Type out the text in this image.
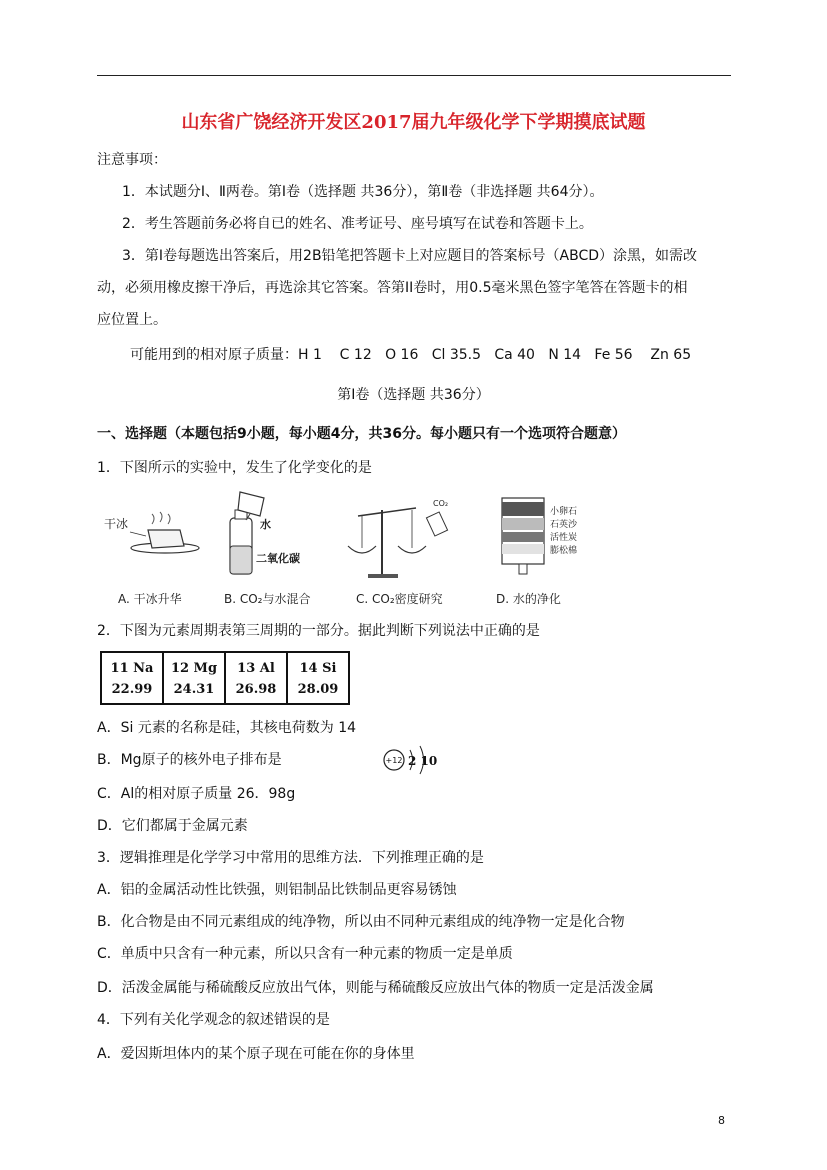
山东省广饶经济开发区2017届九年级化学下学期摸底试题
注意事项：
1．本试题分Ⅰ、Ⅱ两卷。第Ⅰ卷（选择题 共36分），第Ⅱ卷（非选择题 共64分）。
2．考生答题前务必将自已的姓名、准考证号、座号填写在试卷和答题卡上。
3．第Ⅰ卷每题选出答案后，用2B铅笔把答题卡上对应题目的答案标号（ABCD）涂黑，如需改
动，必须用橡皮擦干净后，再选涂其它答案。答第II卷时，用0.5毫米黑色签字笔答在答题卡的相
应位置上。
可能用到的相对原子质量：H 1    C 12   O 16   Cl 35.5   Ca 40   N 14   Fe 56    Zn 65
第Ⅰ卷（选择题 共36分）
一、选择题（本题包括9小题，每小题4分，共36分。每小题只有一个选项符合题意）
1．下图所示的实验中，发生了化学变化的是
干冰	水
二氧化碳
CO₂
小卵石
石英沙
活性炭
膨松棉
A. 干冰升华	B. CO₂与水混合	C. CO₂密度研究	D. 水的净化
2．下图为元素周期表第三周期的一部分。据此判断下列说法中正确的是
11 Na
22.99

12 Mg
24.31

13 Al
26.98

14 Si
28.09
A．Si 元素的名称是硅，其核电荷数为 14
B．Mg原子的核外电子排布是	+12 2 10
C．Al的相对原子质量 26．98g
D．它们都属于金属元素
3．逻辑推理是化学学习中常用的思维方法．下列推理正确的是
A．铝的金属活动性比铁强，则铝制品比铁制品更容易锈蚀
B．化合物是由不同元素组成的纯净物，所以由不同种元素组成的纯净物一定是化合物
C．单质中只含有一种元素，所以只含有一种元素的物质一定是单质
D．活泼金属能与稀硫酸反应放出气体，则能与稀硫酸反应放出气体的物质一定是活泼金属
4．下列有关化学观念的叙述错误的是
A．爱因斯坦体内的某个原子现在可能在你的身体里
8
